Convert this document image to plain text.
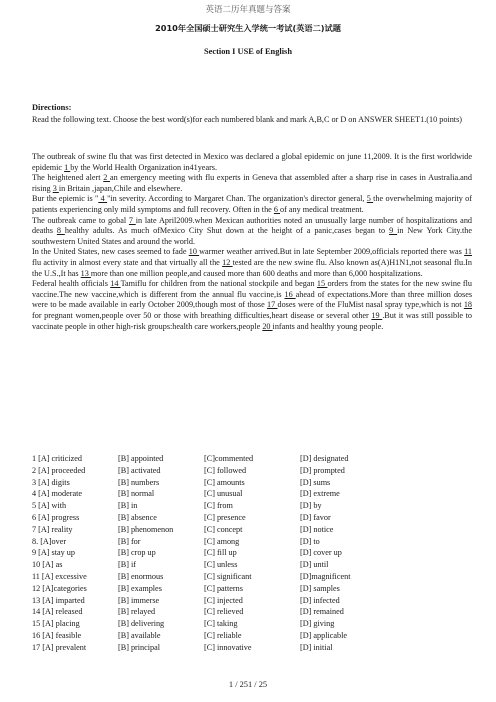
英语二历年真题与答案
2010年全国硕士研究生入学统一考试(英语二)试题
Section I USE of English
Directions:
Read the following text. Choose the best word(s)for each numbered blank and mark A,B,C or D on ANSWER SHEET1.(10 points)

The outbreak of swine flu that was first detected in Mexico was declared a global epidemic on june 11,2009. It is the first worldwide epidemic 1 by the World Health Organization in41years.

The heightened alert 2 an emergency meeting with flu experts in Geneva that assembled after a sharp rise in cases in Australia.and rising 3 in Britain ,japan,Chile and elsewhere.

Bur the epiemic is " 4 "in severity. According to Margaret Chan. The organization's director general, 5 the overwhelming majority of patients experiencing only mild symptoms and full recovery. Often in the 6 of any medical treatment.

The outbreak came to gobal 7 in late April2009.when Mexican authorities noted an unusually large number of hospitalizations and deaths 8 healthy adults. As much ofMexico City Shut down at the height of a panic,cases began to 9 in New York City.the southwestern United States and around the world.

In the United States, new cases seemed to fade 10 warmer weather arrived.But in late September 2009,officials reported there was 11 flu activity in almost every state and that virtually all the 12 tested are the new swine flu. Also known as(A)H1N1,not seasonal flu.In the U.S.,It has 13 more than one million people,and caused more than 600 deaths and more than 6,000 hospitalizations.

Federal health officials 14 Tamiflu for children from the national stockpile and began 15 orders from the states for the new swine flu vaccine.The new vaccine,which is different from the annual flu vaccine,is 16 ahead of expectations.More than three million doses were to be made available in early October 2009,though most of those 17 doses were of the FluMist nasal spray type,which is not 18 for pregnant women,people over 50 or those with breathing difficulties,heart disease or several other 19 .But it was still possible to vaccinate people in other high-risk groups:health care workers,people 20 infants and healthy young people.

1 [A] criticized	[B] appointed	[C]commented	[D] designated
2 [A] proceeded	[B] activated	[C] followed	[D] prompted
3 [A] digits	[B] numbers	[C] amounts	[D] sums
4 [A] moderate	[B] normal	[C] unusual	[D] extreme
5 [A] with	[B] in	[C] from	[D] by
6 [A] progress	[B] absence	[C] presence	[D] favor
7 [A] reality	[B] phenomenon	[C] concept	[D] notice
8. [A]over	[B] for	[C] among	[D] to
9 [A] stay up	[B] crop up	[C] fill up	[D] cover up
10 [A] as	[B] if	[C] unless	[D] until
11 [A] excessive	[B] enormous	[C] significant	[D]magnificent
12 [A]categories	[B] examples	[C] patterns	[D] samples
13 [A] imparted	[B] immerse	[C] injected	[D] infected
14 [A] released	[B] relayed	[C] relieved	[D] remained
15 [A] placing	[B] delivering	[C] taking	[D] giving
16 [A] feasible	[B] available	[C] reliable	[D] applicable
17 [A] prevalent	[B] principal	[C] innovative	[D] initial
1 / 251 / 25
